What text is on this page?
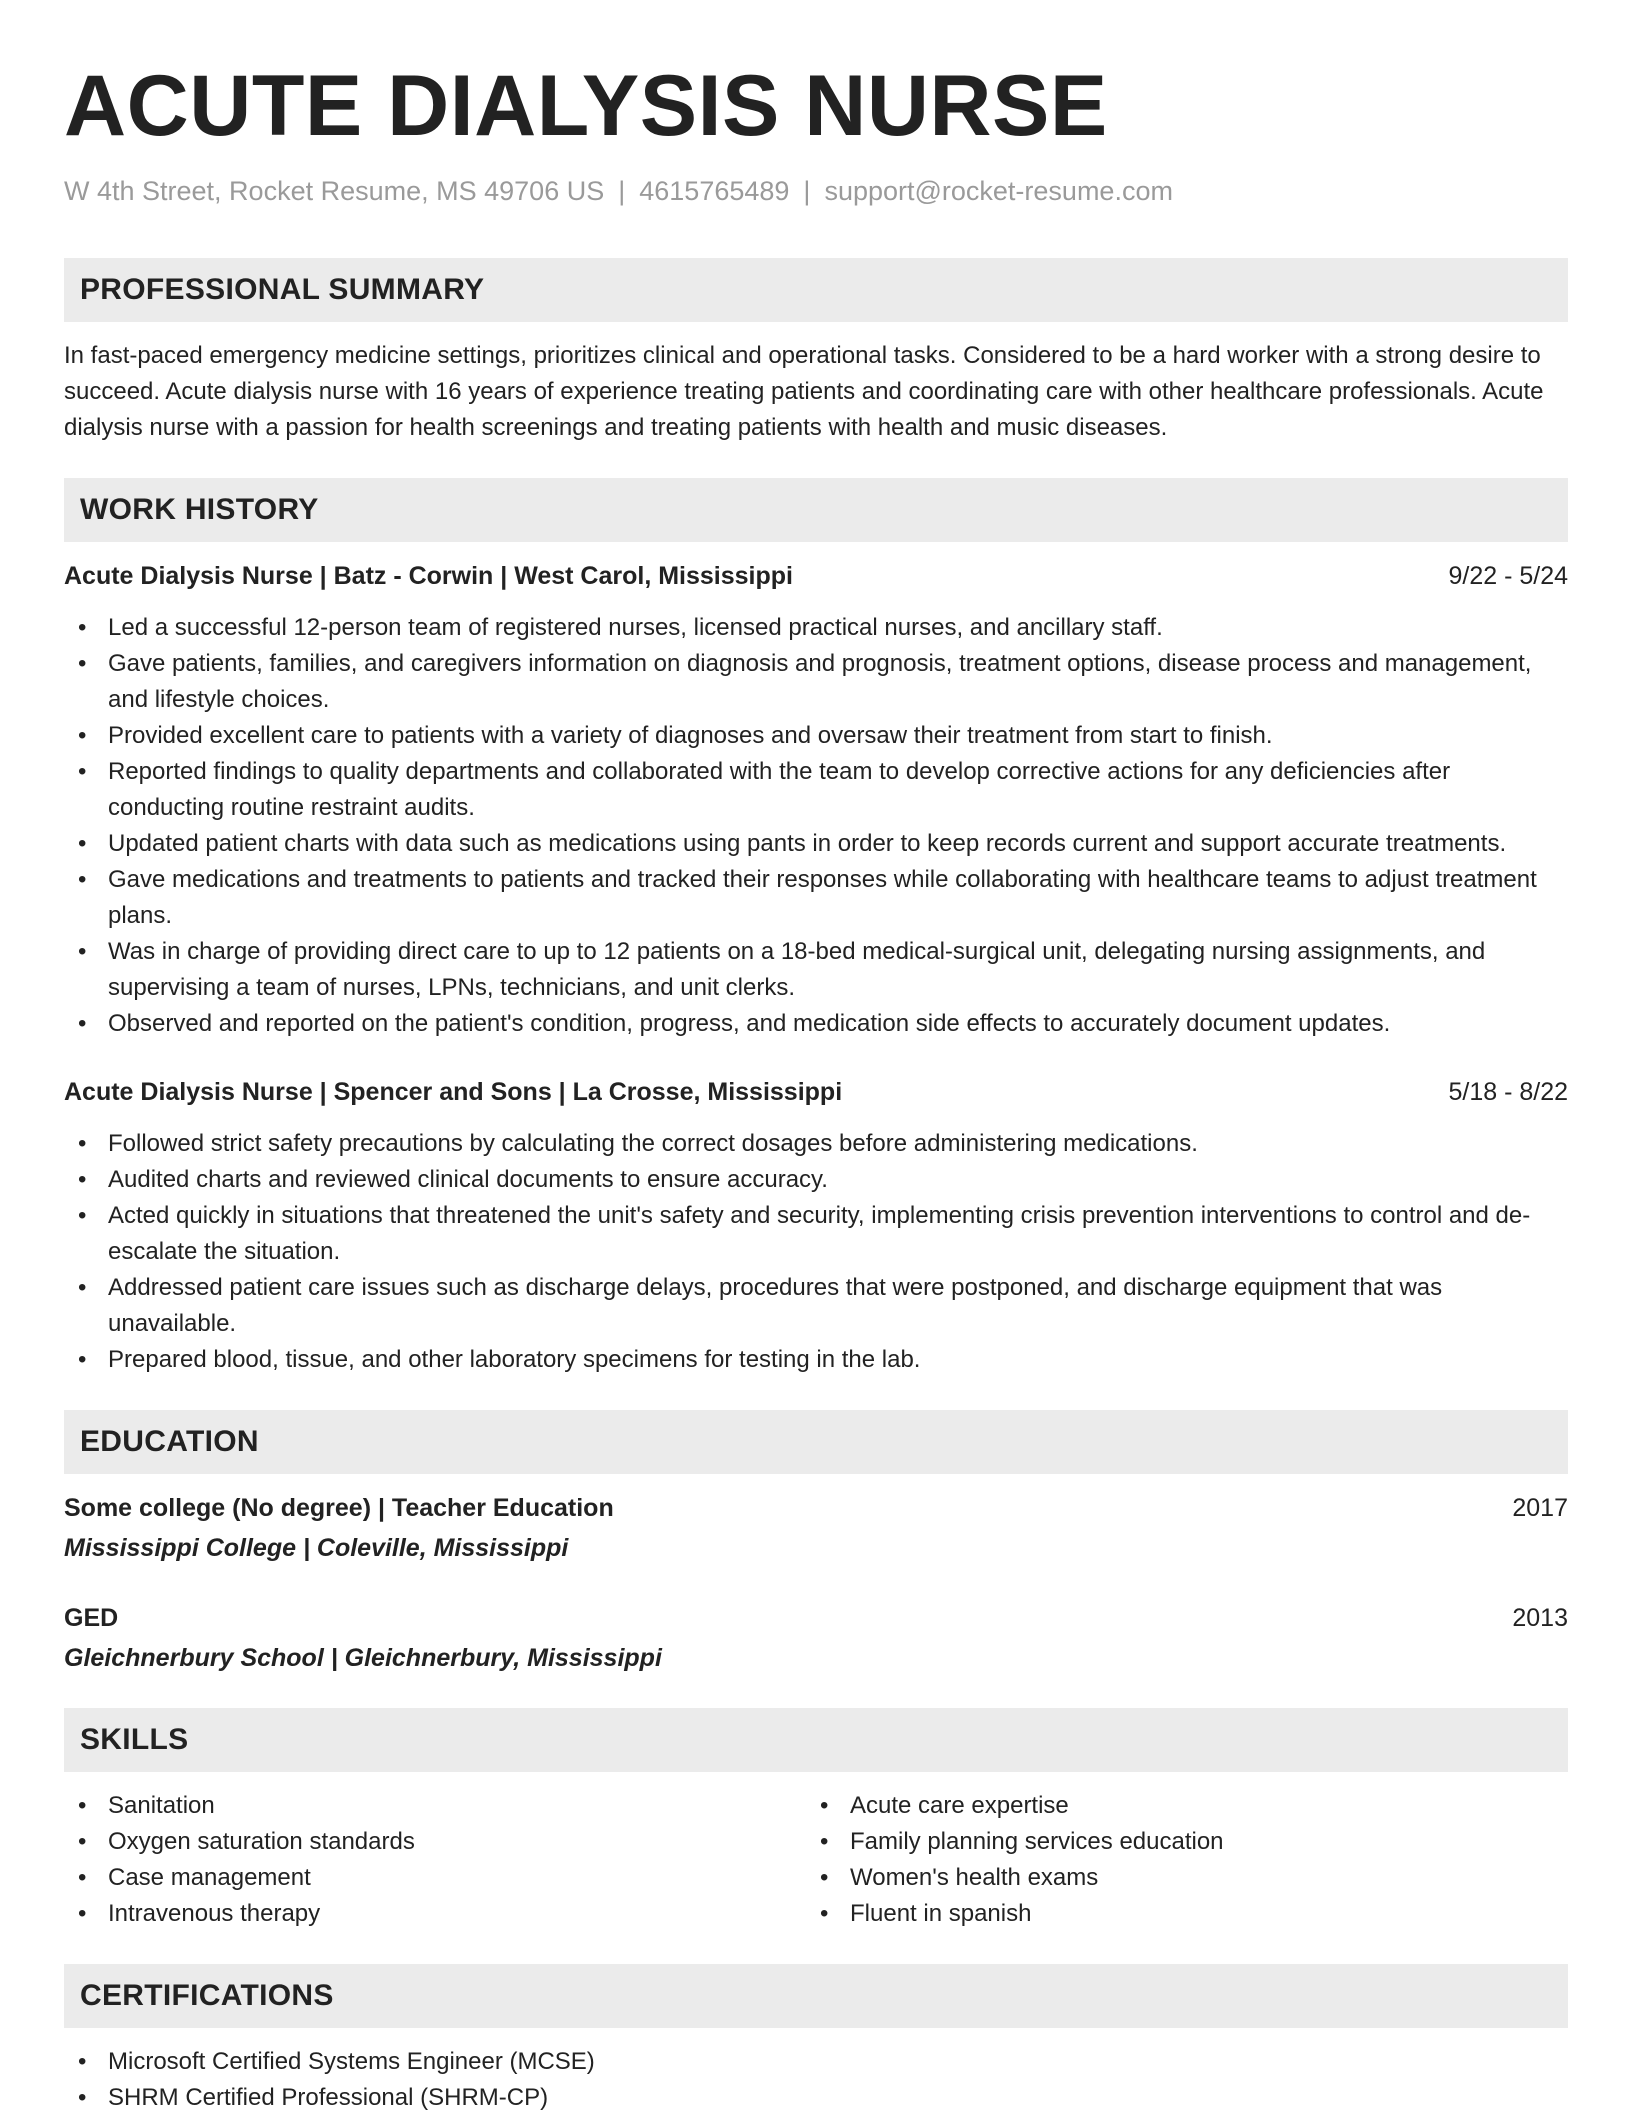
ACUTE DIALYSIS NURSE
W 4th Street, Rocket Resume, MS 49706 US | 4615765489 | support@rocket-resume.com
PROFESSIONAL SUMMARY

In fast-paced emergency medicine settings, prioritizes clinical and operational tasks. Considered to be a hard worker with a strong desire to succeed. Acute dialysis nurse with 16 years of experience treating patients and coordinating care with other healthcare professionals. Acute dialysis nurse with a passion for health screenings and treating patients with health and music diseases.

WORK HISTORY
Acute Dialysis Nurse | Batz - Corwin | West Carol, Mississippi	9/22 - 5/24
• Led a successful 12-person team of registered nurses, licensed practical nurses, and ancillary staff.
• Gave patients, families, and caregivers information on diagnosis and prognosis, treatment options, disease process and management, and lifestyle choices.
• Provided excellent care to patients with a variety of diagnoses and oversaw their treatment from start to finish.
• Reported findings to quality departments and collaborated with the team to develop corrective actions for any deficiencies after conducting routine restraint audits.
• Updated patient charts with data such as medications using pants in order to keep records current and support accurate treatments.
• Gave medications and treatments to patients and tracked their responses while collaborating with healthcare teams to adjust treatment plans.
• Was in charge of providing direct care to up to 12 patients on a 18-bed medical-surgical unit, delegating nursing assignments, and supervising a team of nurses, LPNs, technicians, and unit clerks.
• Observed and reported on the patient's condition, progress, and medication side effects to accurately document updates.
Acute Dialysis Nurse | Spencer and Sons | La Crosse, Mississippi	5/18 - 8/22
• Followed strict safety precautions by calculating the correct dosages before administering medications.
• Audited charts and reviewed clinical documents to ensure accuracy.
• Acted quickly in situations that threatened the unit's safety and security, implementing crisis prevention interventions to control and de-escalate the situation.
• Addressed patient care issues such as discharge delays, procedures that were postponed, and discharge equipment that was unavailable.
• Prepared blood, tissue, and other laboratory specimens for testing in the lab.
EDUCATION
Some college (No degree) | Teacher Education	2017
Mississippi College | Coleville, Mississippi
GED	2013
Gleichnerbury School | Gleichnerbury, Mississippi
SKILLS
• Sanitation
• Oxygen saturation standards
• Case management
• Intravenous therapy
• Acute care expertise
• Family planning services education
• Women's health exams
• Fluent in spanish
CERTIFICATIONS
• Microsoft Certified Systems Engineer (MCSE)
• SHRM Certified Professional (SHRM-CP)
